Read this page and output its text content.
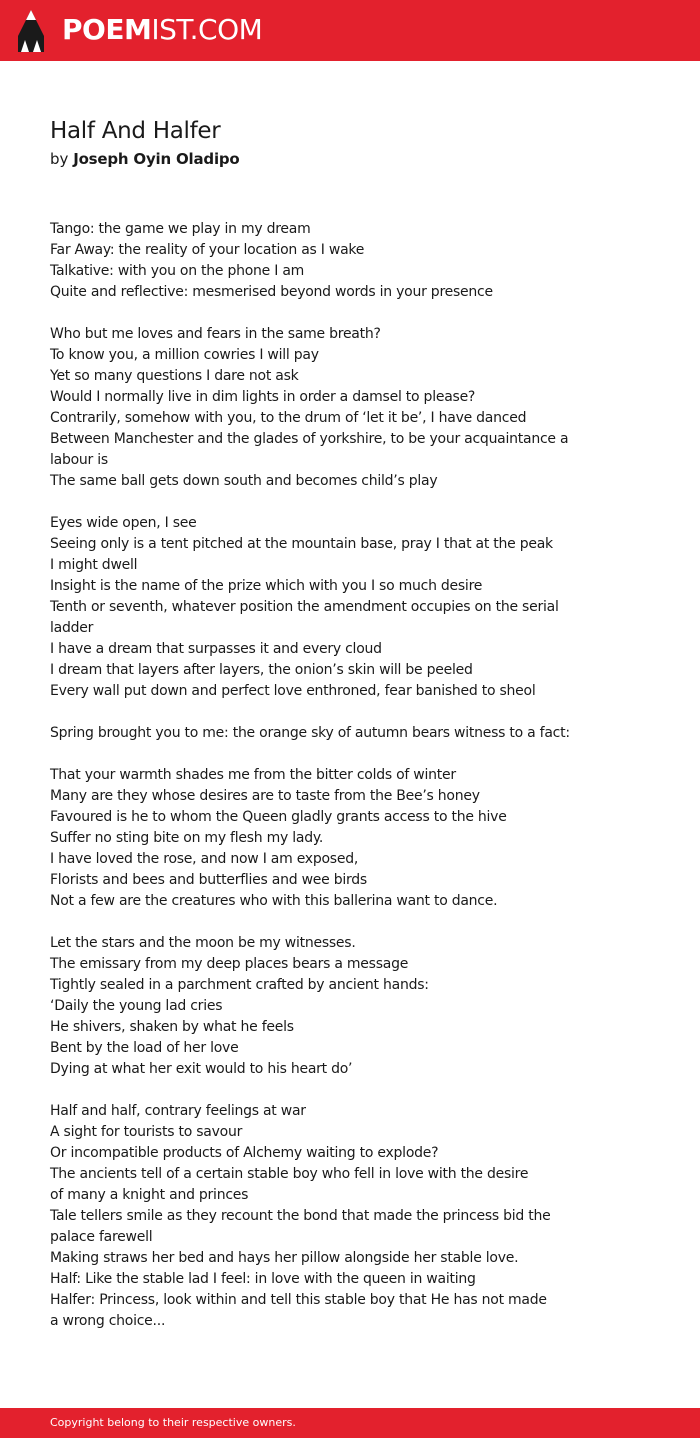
POEMIST.COM
Half And Halfer
by Joseph Oyin Oladipo
Tango: the game we play in my dream
Far Away: the reality of your location as I wake
Talkative: with you on the phone I am
Quite and reflective: mesmerised beyond words in your presence
Who but me loves and fears in the same breath?
To know you, a million cowries I will pay
Yet so many questions I dare not ask
Would I normally live in dim lights in order a damsel to please?
Contrarily, somehow with you, to the drum of ‘let it be’, I have danced
Between Manchester and the glades of yorkshire, to be your acquaintance a
labour is
The same ball gets down south and becomes child’s play
Eyes wide open, I see
Seeing only is a tent pitched at the mountain base, pray I that at the peak
I might dwell
Insight is the name of the prize which with you I so much desire
Tenth or seventh, whatever position the amendment occupies on the serial
ladder
I have a dream that surpasses it and every cloud
I dream that layers after layers, the onion’s skin will be peeled
Every wall put down and perfect love enthroned, fear banished to sheol
Spring brought you to me: the orange sky of autumn bears witness to a fact:
That your warmth shades me from the bitter colds of winter
Many are they whose desires are to taste from the Bee’s honey
Favoured is he to whom the Queen gladly grants access to the hive
Suffer no sting bite on my flesh my lady.
I have loved the rose, and now I am exposed,
Florists and bees and butterflies and wee birds
Not a few are the creatures who with this ballerina want to dance.
Let the stars and the moon be my witnesses.
The emissary from my deep places bears a message
Tightly sealed in a parchment crafted by ancient hands:
‘Daily the young lad cries
He shivers, shaken by what he feels
Bent by the load of her love
Dying at what her exit would to his heart do’
Half and half, contrary feelings at war
A sight for tourists to savour
Or incompatible products of Alchemy waiting to explode?
The ancients tell of a certain stable boy who fell in love with the desire
of many a knight and princes
Tale tellers smile as they recount the bond that made the princess bid the
palace farewell
Making straws her bed and hays her pillow alongside her stable love.
Half: Like the stable lad I feel: in love with the queen in waiting
Halfer: Princess, look within and tell this stable boy that He has not made
a wrong choice...
Copyright belong to their respective owners.
